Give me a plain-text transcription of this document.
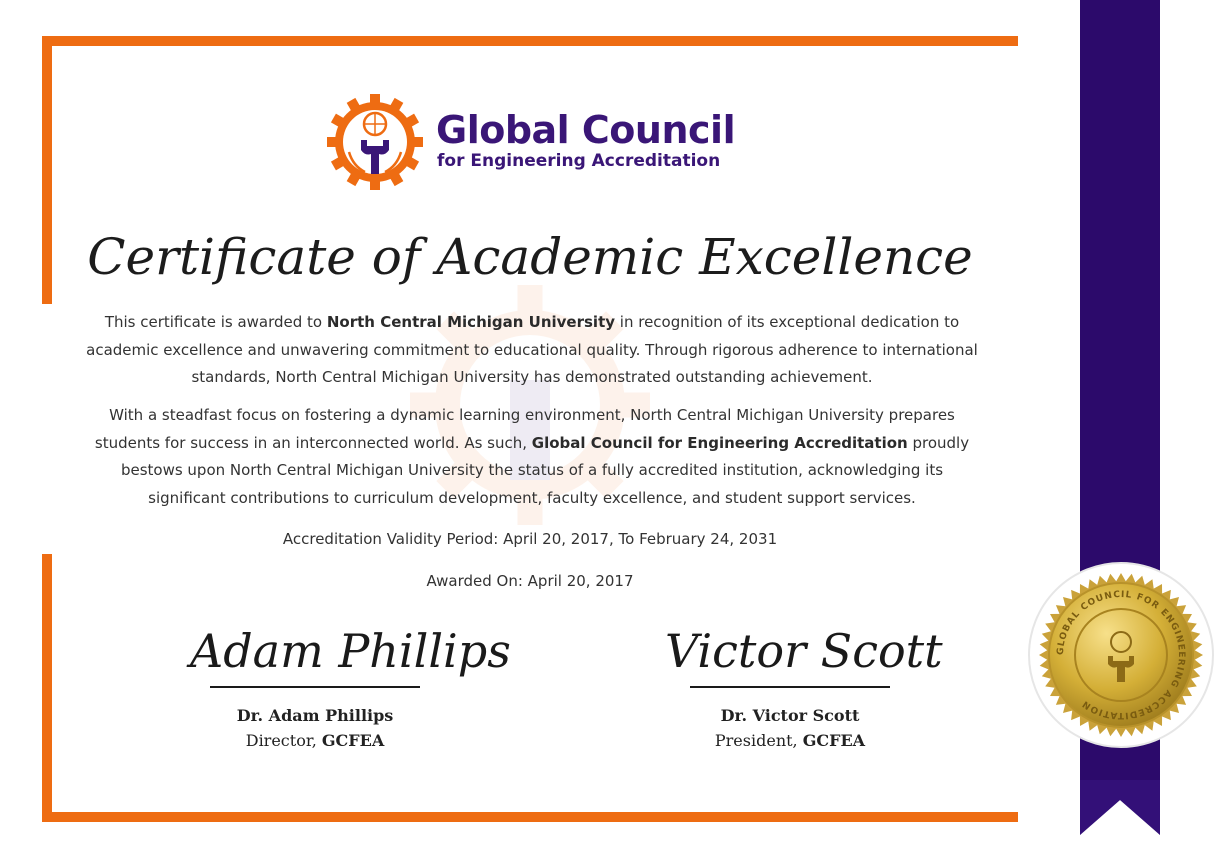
Global Council
for Engineering Accreditation
Certificate of Academic Excellence
This certificate is awarded to North Central Michigan University in recognition of its exceptional dedication to academic excellence and unwavering commitment to educational quality. Through rigorous adherence to international standards, North Central Michigan University has demonstrated outstanding achievement.
With a steadfast focus on fostering a dynamic learning environment, North Central Michigan University prepares students for success in an interconnected world. As such, Global Council for Engineering Accreditation proudly bestows upon North Central Michigan University the status of a fully accredited institution, acknowledging its significant contributions to curriculum development, faculty excellence, and student support services.
Accreditation Validity Period: April 20, 2017, To February 24, 2031
Awarded On: April 20, 2017
Adam Phillips
Dr. Adam Phillips
Director, GCFEA
Victor Scott
Dr. Victor Scott
President, GCFEA
GLOBAL COUNCIL FOR ENGINEERING ACCREDITATION
